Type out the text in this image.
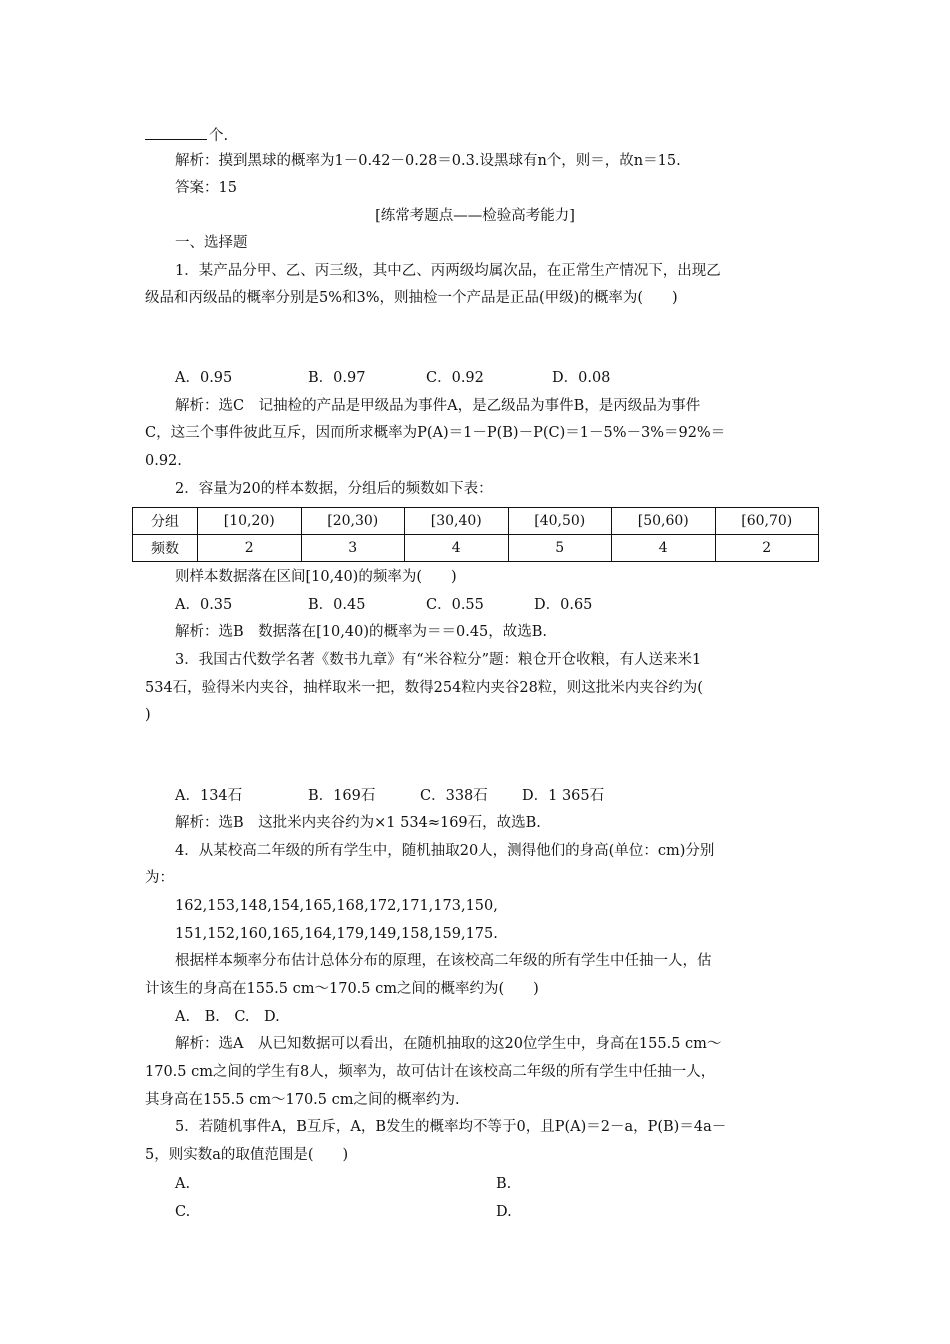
个.
解析：摸到黑球的概率为1－0.42－0.28＝0.3.设黑球有n个，则＝，故n＝15.
答案：15
[练常考题点——检验高考能力]
一、选择题
1．某产品分甲、乙、丙三级，其中乙、丙两级均属次品，在正常生产情况下，出现乙
级品和丙级品的概率分别是5%和3%，则抽检一个产品是正品(甲级)的概率为(　　)
A．0.95	B．0.97	C．0.92	D．0.08
解析：选C　记抽检的产品是甲级品为事件A，是乙级品为事件B，是丙级品为事件
C，这三个事件彼此互斥，因而所求概率为P(A)＝1－P(B)－P(C)＝1－5%－3%＝92%＝
0.92.
2．容量为20的样本数据，分组后的频数如下表：
分组	[10,20)	[20,30)	[30,40)	[40,50)	[50,60)	[60,70)
频数	2	3	4	5	4	2
则样本数据落在区间[10,40)的频率为(　　)
A．0.35	B．0.45	C．0.55	D．0.65
解析：选B　数据落在[10,40)的概率为＝＝0.45，故选B.
3．我国古代数学名著《数书九章》有“米谷粒分”题：粮仓开仓收粮，有人送来米1
534石，验得米内夹谷，抽样取米一把，数得254粒内夹谷28粒，则这批米内夹谷约为(
)
A．134石	B．169石	C．338石 D．1 365石
解析：选B　这批米内夹谷约为×1 534≈169石，故选B.
4．从某校高二年级的所有学生中，随机抽取20人，测得他们的身高(单位：cm)分别
为：
162,153,148,154,165,168,172,171,173,150,
151,152,160,165,164,179,149,158,159,175.
根据样本频率分布估计总体分布的原理，在该校高二年级的所有学生中任抽一人，估
计该生的身高在155.5 cm～170.5 cm之间的概率约为(　　)
A.　B.　C.　D.
解析：选A　从已知数据可以看出，在随机抽取的这20位学生中，身高在155.5 cm～
170.5 cm之间的学生有8人，频率为，故可估计在该校高二年级的所有学生中任抽一人，
其身高在155.5 cm～170.5 cm之间的概率约为.
5．若随机事件A，B互斥，A，B发生的概率均不等于0，且P(A)＝2－a，P(B)＝4a－
5，则实数a的取值范围是(　　)
A.	B.
C.	D.
